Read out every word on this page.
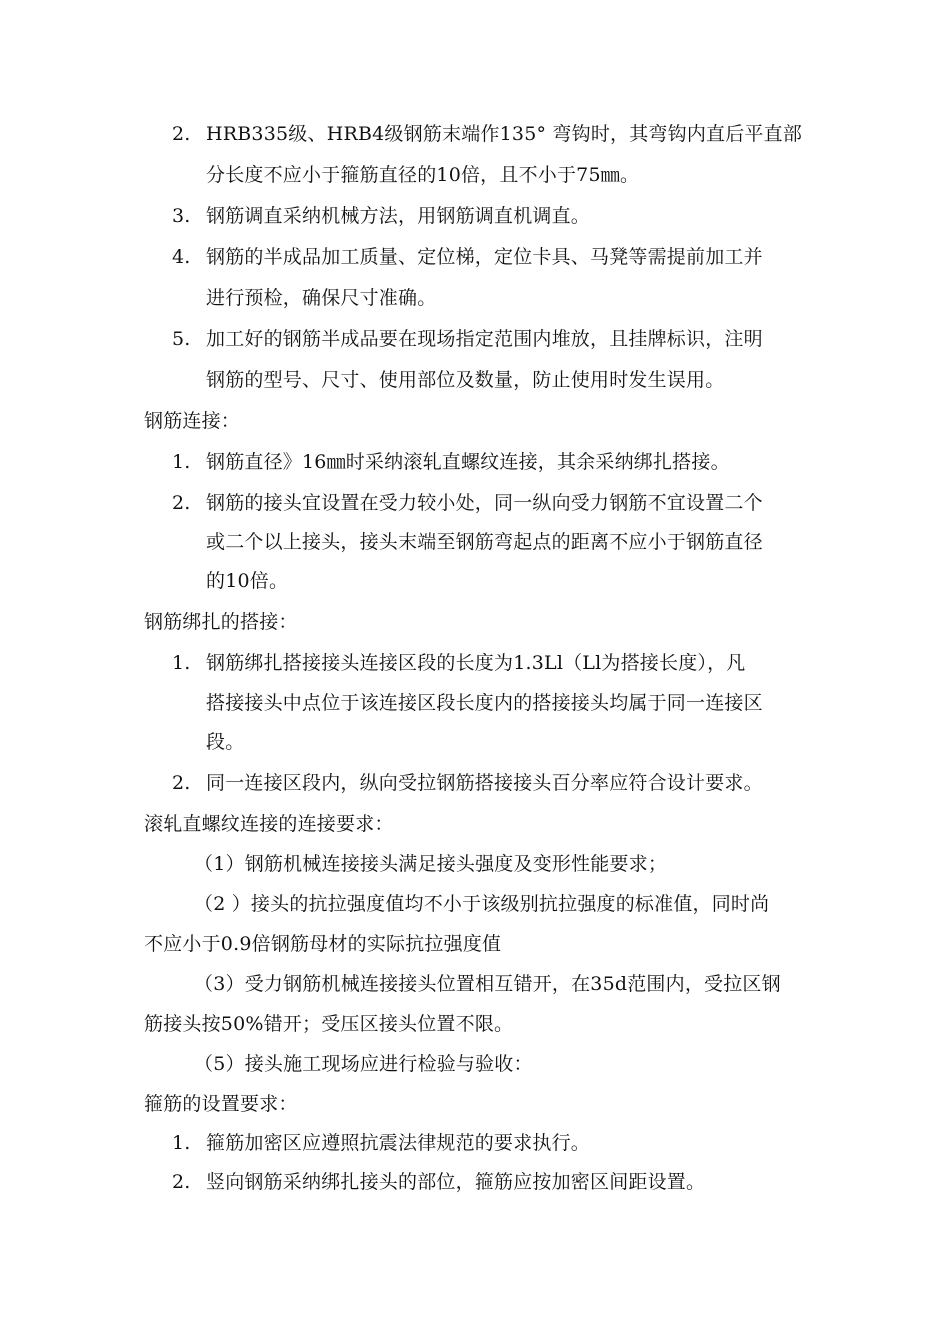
2. HRB335级、HRB4级钢筋末端作135° 弯钩时，其弯钩内直后平直部
分长度不应小于箍筋直径的10倍，且不小于75㎜。
3. 钢筋调直采纳机械方法，用钢筋调直机调直。
4. 钢筋的半成品加工质量、定位梯，定位卡具、马凳等需提前加工并
进行预检，确保尺寸准确。
5. 加工好的钢筋半成品要在现场指定范围内堆放，且挂牌标识，注明
钢筋的型号、尺寸、使用部位及数量，防止使用时发生误用。
钢筋连接：
1. 钢筋直径》16㎜时采纳滚轧直螺纹连接，其余采纳绑扎搭接。
2. 钢筋的接头宜设置在受力较小处，同一纵向受力钢筋不宜设置二个
或二个以上接头，接头末端至钢筋弯起点的距离不应小于钢筋直径
的10倍。
钢筋绑扎的搭接：
1. 钢筋绑扎搭接接头连接区段的长度为1.3Ll（Ll为搭接长度），凡
搭接接头中点位于该连接区段长度内的搭接接头均属于同一连接区
段。
2. 同一连接区段内，纵向受拉钢筋搭接接头百分率应符合设计要求。
滚轧直螺纹连接的连接要求：
（1）钢筋机械连接接头满足接头强度及变形性能要求；
（2 ）接头的抗拉强度值均不小于该级别抗拉强度的标准值，同时尚
不应小于0.9倍钢筋母材的实际抗拉强度值
（3）受力钢筋机械连接接头位置相互错开，在35d范围内，受拉区钢
筋接头按50%错开；受压区接头位置不限。
（5）接头施工现场应进行检验与验收：
箍筋的设置要求：
1. 箍筋加密区应遵照抗震法律规范的要求执行。
2. 竖向钢筋采纳绑扎接头的部位，箍筋应按加密区间距设置。
